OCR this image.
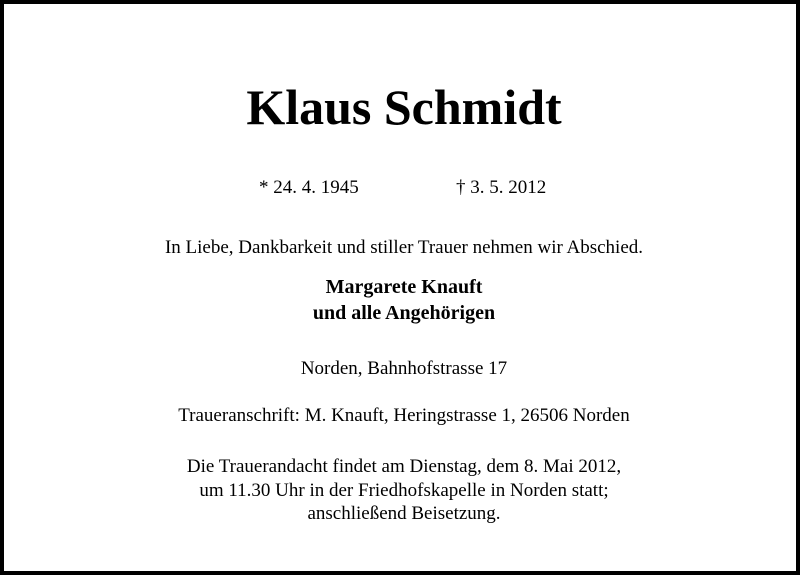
Klaus Schmidt
* 24. 4. 1945	† 3. 5. 2012
In Liebe, Dankbarkeit und stiller Trauer nehmen wir Abschied.
Margarete Knauft
und alle Angehörigen
Norden, Bahnhofstrasse 17
Traueranschrift: M. Knauft, Heringstrasse 1, 26506 Norden
Die Trauerandacht findet am Dienstag, dem 8. Mai 2012,
um 11.30 Uhr in der Friedhofskapelle in Norden statt;
anschließend Beisetzung.
